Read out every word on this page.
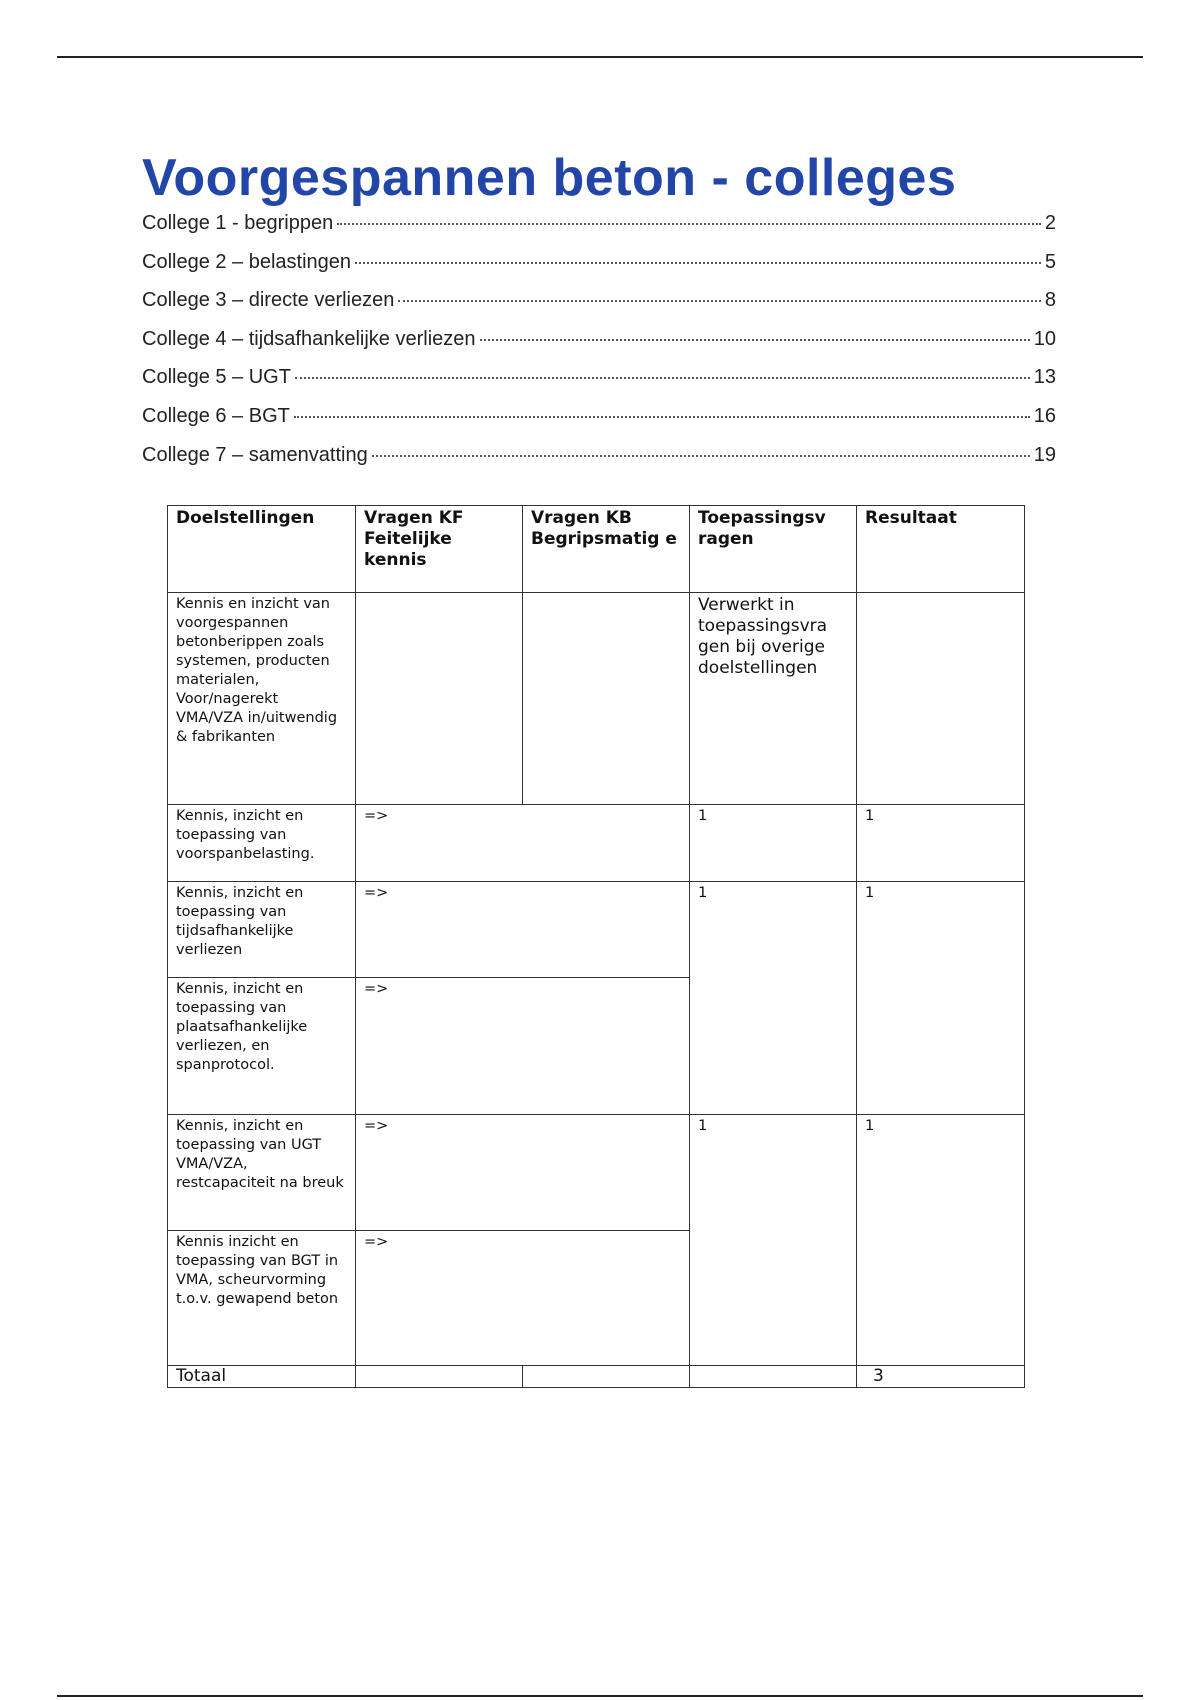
Voorgespannen beton - colleges
College 1 - begrippen	2
College 2 – belastingen	5
College 3 – directe verliezen	8
College 4 – tijdsafhankelijke verliezen	10
College 5 – UGT	13
College 6 – BGT	16
College 7 – samenvatting	19
Doelstellingen	Vragen KF Feitelijke kennis	Vragen KB Begripsmatig e	Toepassingsv ragen	Resultaat
Kennis en inzicht van voorgespannen betonberippen zoals systemen, producten materialen, Voor/nagerekt VMA/VZA in/uitwendig & fabrikanten			Verwerkt in toepassingsvra gen bij overige doelstellingen	
Kennis, inzicht en toepassing van voorspanbelasting.	=>		1	1
Kennis, inzicht en toepassing van tijdsafhankelijke verliezen	=>		1	1
Kennis, inzicht en toepassing van plaatsafhankelijke verliezen, en spanprotocol.	=>			
Kennis, inzicht en toepassing van UGT VMA/VZA, restcapaciteit na breuk	=>		1	1
Kennis inzicht en toepassing van BGT in VMA, scheurvorming t.o.v. gewapend beton	=>			
Totaal				3
